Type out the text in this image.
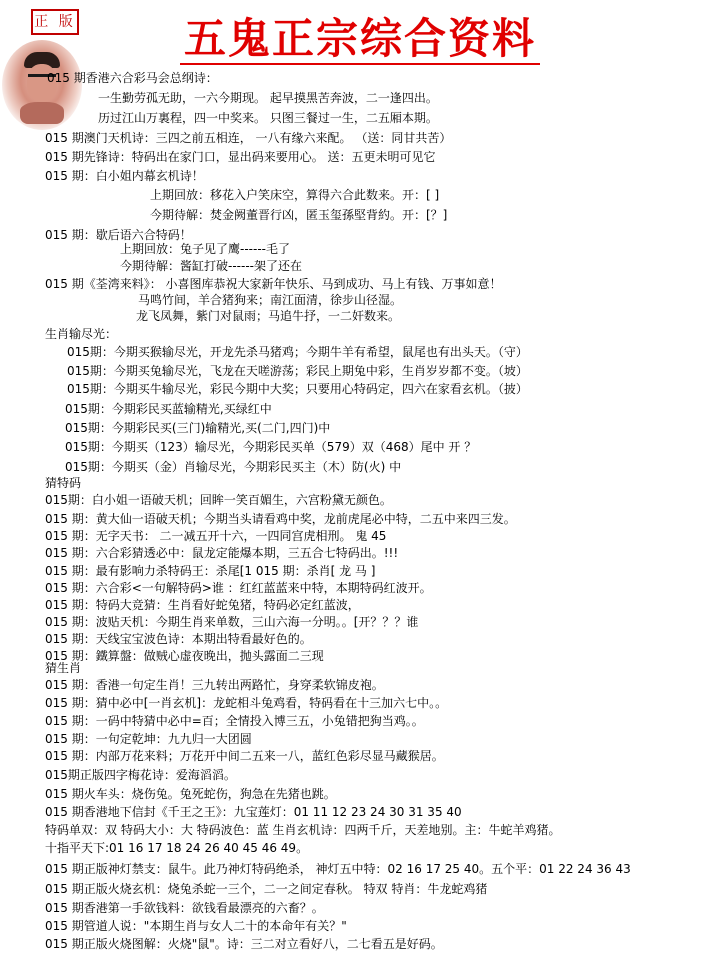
正 版	五鬼正宗综合资料
015 期香港六合彩马会总纲诗：
一生勤劳孤无助，一六今期现。 起早摸黑苦奔波，二一逢四出。
历过江山万裏程，四一中奖来。 只图三餐过一生，二五厢本期。
015 期澳门天机诗：三四之前五相连， 一八有缘六来配。 （送：同甘共苦）
015 期先锋诗：特码出在家门口，显出码来要用心。 送：五更未明可见它
015 期：白小姐内幕玄机诗！
上期回放：移花入户笑床空，算得六合此数来。开：[ ]
今期待解：焚金阙董晋行凶，匿玉玺孫堅背約。开：[？]
015 期：歇后语六合特码！
上期回放：兔子见了鹰------毛了
今期待解：酱缸打破------架了还在
015 期《荃湾来料》： 小喜图库恭祝大家新年快乐、马到成功、马上有钱、万事如意！
马鸣竹间，羊合猪狗来；南江面清，徐步山径湿。
龙飞凤舞，紫门对鼠雨；马追牛抒，一二奸数来。
生肖输尽光：
015期：今期买猴输尽光，开龙先杀马猪鸡；今期牛羊有希望，鼠尾也有出头天。（守）
015期：今期买兔输尽光，飞龙在天嗟游荡；彩民上期兔中彩，生肖岁岁都不变。（坡）
015期：今期买牛输尽光，彩民今期中大奖；只要用心特码定，四六在家看玄机。（披）
015期：今期彩民买蓝输精光,买绿红中
015期：今期彩民买(三门)输精光,买(二门,四门)中
015期：今期买（123）输尽光，今期彩民买单（579）双（468）尾中 开 ？
015期：今期买（金）肖输尽光，今期彩民买主（木）防(火) 中
猜特码
015期：白小姐一语破天机；回眸一笑百媚生，六宫粉黛无颜色。
015 期：黄大仙一语破天机；今期当头请看鸡中奖，龙前虎尾必中特，二五中来四三发。
015 期：无字天书： 二一减五开十六，一四同宫虎相刑。 鬼 45
015 期：六合彩猜透必中：鼠龙定能爆本期，三五合七特码出。!!!
015 期：最有影响力杀特码王：杀尾[1 015 期：杀肖[ 龙 马 ]
015 期：六合彩<一句解特码>谁 ：红红蓝蓝来中特，本期特码红波开。
015 期：特码大竞猜：生肖看好蛇兔猪，特码必定红蓝波，
015 期：波贴天机：今期生肖来单数，三山六海一分明。。[开？？？谁
015 期：天线宝宝波色诗：本期出特看最好色的。
015 期：鐵算盤：做贼心虚夜晚出，抛头露面二三现
猜生肖
015 期：香港一句定生肖！三九转出两路忙，身穿柔软锦皮袍。
015 期：猜中必中[一肖玄机]：龙蛇相斗兔鸡看，特码看在十三加六七中。。
015 期：一码中特猜中必中=百；全情投入博三五，小兔错把狗当鸡。。
015 期：一句定乾坤：九九归一大团圆
015 期：内部万花来料；万花开中间二五来一八，蓝红色彩尽显马藏猴居。
015期正版四字梅花诗：爱海滔滔。
015 期火车头：烧伤兔。兔死蛇伤，狗急在先猪也跳。
015 期香港地下信封《千王之王》：九宝莲灯：01 11 12 23 24 30 31 35 40
特码单双：双 特码大小：大 特码波色：蓝 生肖玄机诗：四两千斤，天差地别。主：牛蛇羊鸡猪。
十指平天下:01 16 17 18 24 26 40 45 46 49。
015 期正版神灯禁支：鼠牛。此乃神灯特码绝杀， 神灯五中特：02 16 17 25 40。五个平：01 22 24 36 43
015 期正版火烧玄机：烧兔杀蛇一三个，二一之间定春秋。 特双 特肖：牛龙蛇鸡猪
015 期香港第一手欲钱料：欲钱看最漂亮的六畜？。
015 期管道人说："本期生肖与女人二十的本命年有关？"
015 期正版火烧图解：火烧"鼠"。诗：三二对立看好八，二七看五是好码。
